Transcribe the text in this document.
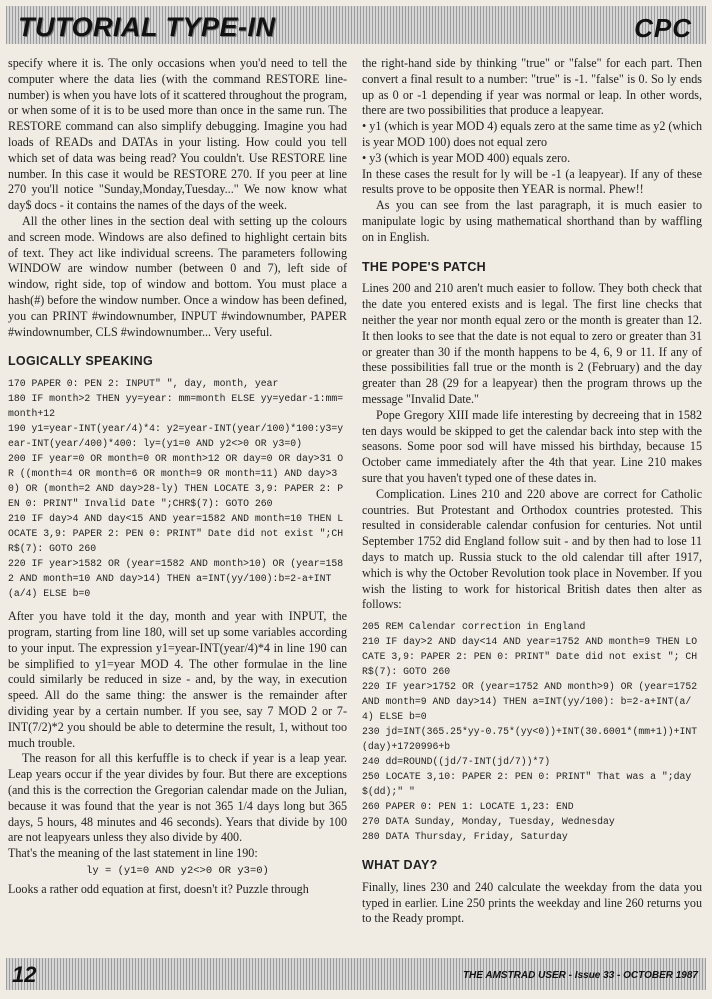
TUTORIAL TYPE-IN	CPC

specify where it is. The only occasions when you'd need to tell the computer where the data lies (with the command RESTORE line-number) is when you have lots of it scattered throughout the program, or when some of it is to be used more than once in the same run. The RESTORE command can also simplify debugging. Imagine you had loads of READs and DATAs in your listing. How could you tell which set of data was being read? You couldn't. Use RESTORE line number. In this case it would be RESTORE 270. If you peer at line 270 you'll notice "Sunday,Monday,Tuesday..." We now know what day$ docs - it contains the names of the days of the week.

All the other lines in the section deal with setting up the colours and screen mode. Windows are also defined to highlight certain bits of text. They act like individual screens. The parameters following WINDOW are window number (between 0 and 7), left side of window, right side, top of window and bottom. You must place a hash(#) before the window number. Once a window has been defined, you can PRINT #windownumber, INPUT #windownumber, PAPER #windownumber, CLS #windownumber... Very useful.

LOGICALLY SPEAKING
170 PAPER 0: PEN 2: INPUT" ", day, month, year
180 IF month>2 THEN yy=year: mm=month ELSE yy=yedar-1:mm=month+12
190 y1=year-INT(year/4)*4: y2=year-INT(year/100)*100:y3=year-INT(year/400)*400: ly=(y1=0 AND y2<>0 OR y3=0)
200 IF year=0 OR month=0 OR month>12 OR day=0 OR day>31 OR ((month=4 OR month=6 OR month=9 OR month=11) AND day>30) OR (month=2 AND day>28-ly) THEN LOCATE 3,9: PAPER 2: PEN 0: PRINT" Invalid Date ";CHR$(7): GOTO 260
210 IF day>4 AND day<15 AND year=1582 AND month=10 THEN LOCATE 3,9: PAPER 2: PEN 0: PRINT" Date did not exist ";CHR$(7): GOTO 260
220 IF year>1582 OR (year=1582 AND month>10) OR (year=1582 AND month=10 AND day>14) THEN a=INT(yy/100):b=2-a+INT(a/4) ELSE b=0

After you have told it the day, month and year with INPUT, the program, starting from line 180, will set up some variables according to your input. The expression y1=year-INT(year/4)*4 in line 190 can be simplified to y1=year MOD 4. The other formulae in the line could similarly be reduced in size - and, by the way, in execution speed. All do the same thing: the answer is the remainder after dividing year by a certain number. If you see, say 7 MOD 2 or 7-INT(7/2)*2 you should be able to determine the result, 1, without too much trouble.

The reason for all this kerfuffle is to check if year is a leap year. Leap years occur if the year divides by four. But there are exceptions (and this is the correction the Gregorian calendar made on the Julian, because it was found that the year is not 365 1/4 days long but 365 days, 5 hours, 48 minutes and 46 seconds). Years that divide by 100 are not leapyears unless they also divide by 400.

That's the meaning of the last statement in line 190:

ly = (y1=0 AND y2<>0 OR y3=0)

Looks a rather odd equation at first, doesn't it? Puzzle through

the right-hand side by thinking "true" or "false" for each part. Then convert a final result to a number: "true" is -1. "false" is 0. So ly ends up as 0 or -1 depending if year was normal or leap. In other words, there are two possibilities that produce a leapyear.

• y1 (which is year MOD 4) equals zero at the same time as y2 (which is year MOD 100) does not equal zero

• y3 (which is year MOD 400) equals zero.

In these cases the result for ly will be -1 (a leapyear). If any of these results prove to be opposite then YEAR is normal. Phew!!

As you can see from the last paragraph, it is much easier to manipulate logic by using mathematical shorthand than by waffling on in English.

THE POPE'S PATCH

Lines 200 and 210 aren't much easier to follow. They both check that the date you entered exists and is legal. The first line checks that neither the year nor month equal zero or the month is greater than 12. It then looks to see that the date is not equal to zero or greater than 31 or greater than 30 if the month happens to be 4, 6, 9 or 11. If any of these possibilities fall true or the month is 2 (February) and the day greater than 28 (29 for a leapyear) then the program throws up the message "Invalid Date."

Pope Gregory XIII made life interesting by decreeing that in 1582 ten days would be skipped to get the calendar back into step with the seasons. Some poor sod will have missed his birthday, because 15 October came immediately after the 4th that year. Line 210 makes sure that you haven't typed one of these dates in.

Complication. Lines 210 and 220 above are correct for Catholic countries. But Protestant and Orthodox countries protested. This resulted in considerable calendar confusion for centuries. Not until September 1752 did England follow suit - and by then had to lose 11 days to match up. Russia stuck to the old calendar till after 1917, which is why the October Revolution took place in November. If you wish the listing to work for historical British dates then alter as follows:

205 REM Calendar correction in England
210 IF day>2 AND day<14 AND year=1752 AND month=9 THEN LOCATE 3,9: PAPER 2: PEN 0: PRINT" Date did not exist "; CHR$(7): GOTO 260
220 IF year>1752 OR (year=1752 AND month>9) OR (year=1752 AND month=9 AND day>14) THEN a=INT(yy/100): b=2-a+INT(a/4) ELSE b=0
230 jd=INT(365.25*yy-0.75*(yy<0))+INT(30.6001*(mm+1))+INT(day)+1720996+b
240 dd=ROUND((jd/7-INT(jd/7))*7)
250 LOCATE 3,10: PAPER 2: PEN 0: PRINT" That was a ";day$(dd);" "
260 PAPER 0: PEN 1: LOCATE 1,23: END
270 DATA Sunday, Monday, Tuesday, Wednesday
280 DATA Thursday, Friday, Saturday
WHAT DAY?

Finally, lines 230 and 240 calculate the weekday from the data you typed in earlier. Line 250 prints the weekday and line 260 returns you to the Ready prompt.

12	THE AMSTRAD USER - Issue 33 - OCTOBER 1987
